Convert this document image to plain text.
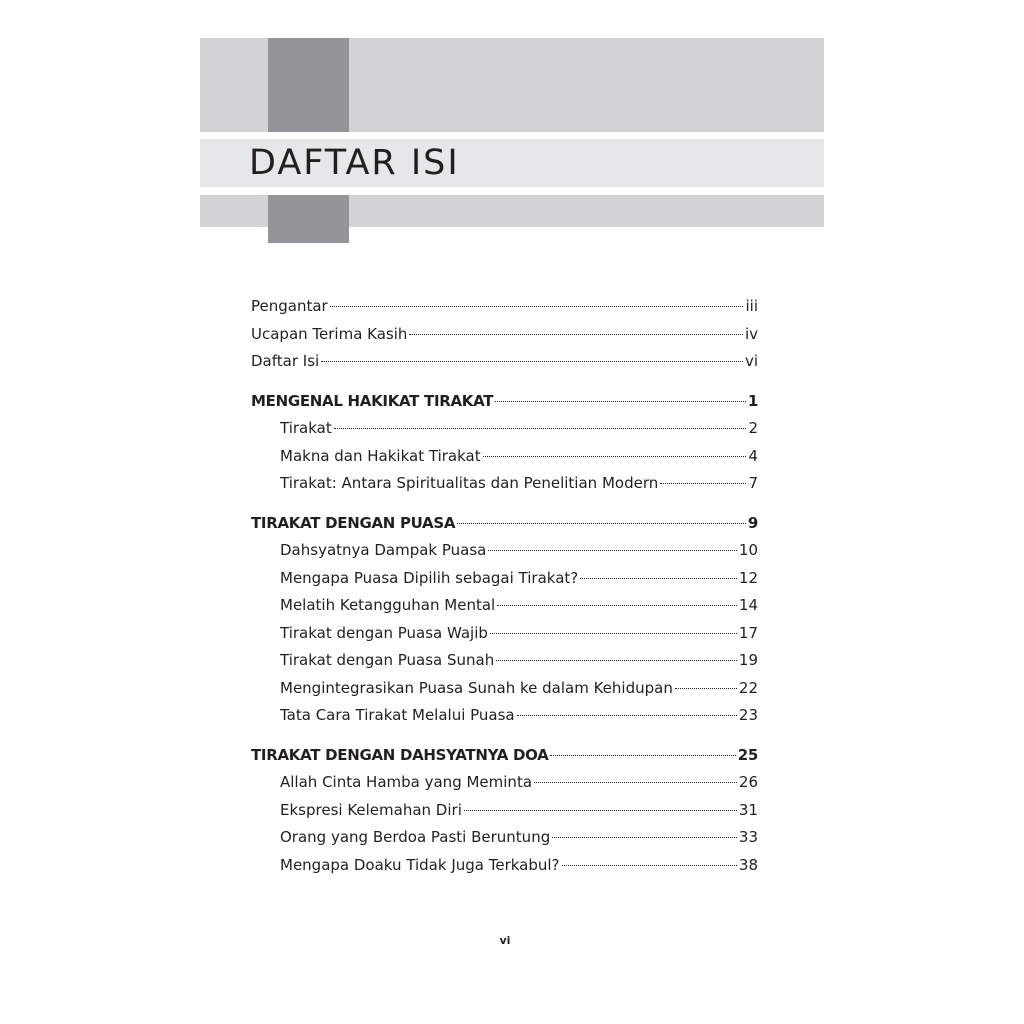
DAFTAR ISI
Pengantar	iii
Ucapan Terima Kasih	iv
Daftar Isi	vi
MENGENAL HAKIKAT TIRAKAT	1
Tirakat	2
Makna dan Hakikat Tirakat	4
Tirakat: Antara Spiritualitas dan Penelitian Modern	7
TIRAKAT DENGAN PUASA	9
Dahsyatnya Dampak Puasa	10
Mengapa Puasa Dipilih sebagai Tirakat?	12
Melatih Ketangguhan Mental	14
Tirakat dengan Puasa Wajib	17
Tirakat dengan Puasa Sunah	19
Mengintegrasikan Puasa Sunah ke dalam Kehidupan	22
Tata Cara Tirakat Melalui Puasa	23
TIRAKAT DENGAN DAHSYATNYA DOA	25
Allah Cinta Hamba yang Meminta	26
Ekspresi Kelemahan Diri	31
Orang yang Berdoa Pasti Beruntung	33
Mengapa Doaku Tidak Juga Terkabul?	38
vi
